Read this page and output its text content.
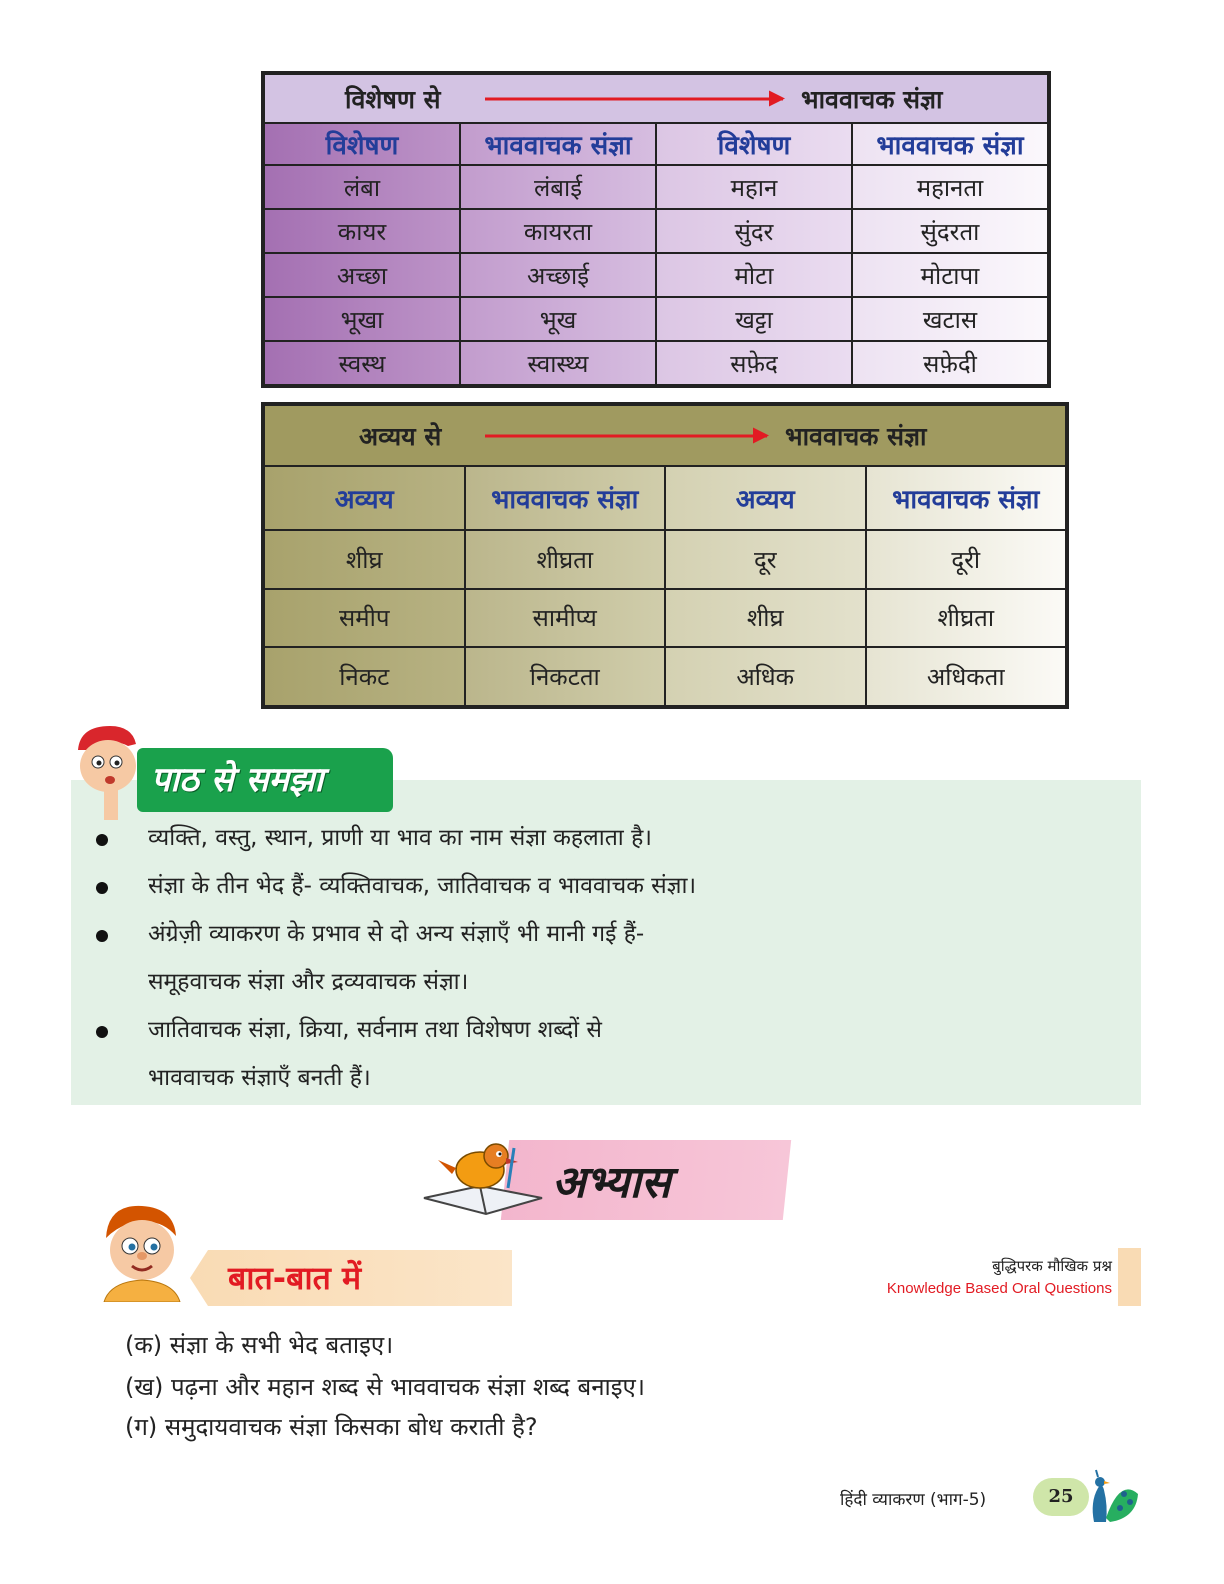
विशेषण से भाववाचक संज्ञा			

विशेषण	भाववाचक संज्ञा	विशेषण	भाववाचक संज्ञा
लंबा	लंबाई	महान	महानता
कायर	कायरता	सुंदर	सुंदरता
अच्छा	अच्छाई	मोटा	मोटापा
भूखा	भूख	खट्टा	खटास
स्वस्थ	स्वास्थ्य	सफ़ेद	सफ़ेदी
अव्यय से भाववाचक संज्ञा			

अव्यय	भाववाचक संज्ञा	अव्यय	भाववाचक संज्ञा
शीघ्र	शीघ्रता	दूर	दूरी
समीप	सामीप्य	शीघ्र	शीघ्रता
निकट	निकटता	अधिक	अधिकता
पाठ से समझा
व्यक्ति, वस्तु, स्थान, प्राणी या भाव का नाम संज्ञा कहलाता है।
संज्ञा के तीन भेद हैं- व्यक्तिवाचक, जातिवाचक व भाववाचक संज्ञा।
अंग्रेज़ी व्याकरण के प्रभाव से दो अन्य संज्ञाएँ भी मानी गई हैं-
समूहवाचक संज्ञा और द्रव्यवाचक संज्ञा।
जातिवाचक संज्ञा, क्रिया, सर्वनाम तथा विशेषण शब्दों से
भाववाचक संज्ञाएँ बनती हैं।
अभ्यास
बात-बात में	बुद्धिपरक मौखिक प्रश्न
Knowledge Based Oral Questions
(क) संज्ञा के सभी भेद बताइए।
(ख) पढ़ना और महान शब्द से भाववाचक संज्ञा शब्द बनाइए।
(ग) समुदायवाचक संज्ञा किसका बोध कराती है?
हिंदी व्याकरण (भाग-5)	25
